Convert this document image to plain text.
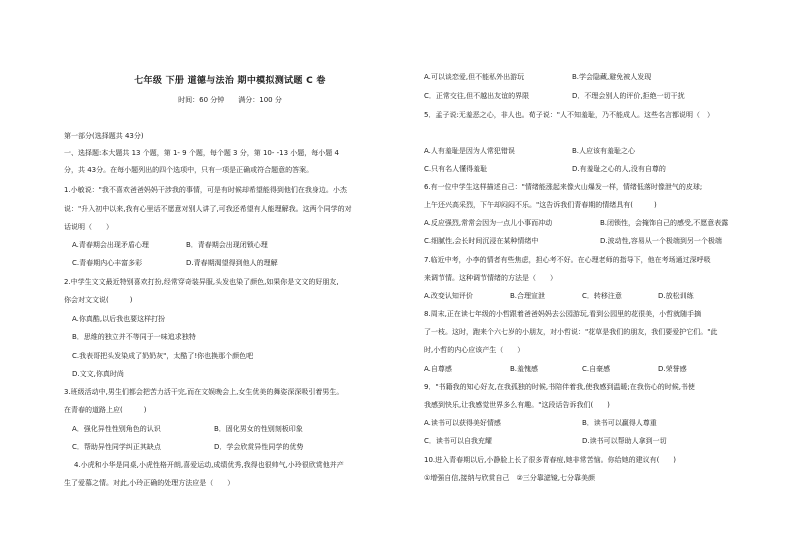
七年级 下册 道德与法治 期中模拟测试题 C 卷
时间：60 分钟　　满分：100 分
第一部分(选择题共 43分)
一、选择题:本大题共 13 个题，第 1- 9 个题，每个题 3 分，第 10- -13 小题，每小题 4
分，共 43分。在每小题列出的四个选项中，只有一项是正确或符合题意的答案。
1.小敏说："我不喜欢爸爸妈妈干涉我的事情，可是有时候却希望能得到他们在我身边。小杰
说："升入初中以来,我有心里话不愿意对别人讲了,可我还希望有人能理解我。这两个同学的对
话说明（　　）
A.青春期会出现矛盾心理	B．青春期会出现闭锁心理
C.青春期内心丰富多彩	D.青春期渴望得到他人的理解
2.中学生文文最近特别喜欢打扮,经常穿奇装异服,头发也染了颜色,如果你是文文的好朋友,
你会对文文说(　　　)
A.你真酷,以后我也要这样打扮
B．思维的独立并不等同于一味追求独特
C.我表哥把头发染成了奶奶灰"，太酷了!你也换那个颜色吧
D.文文,你真时尚
3.班级活动中,男生们都会把苦力活干完,而在文娱晚会上,女生优美的舞姿深深吸引着男生。
在青春的道路上应(　　　)
A．强化异性性别角色的认识	B．固化男女的性别刻板印象
C．帮助异性同学纠正其缺点	D．学会欣赏异性同学的优势
4.小虎和小华是同桌,小虎性格开朗,喜爱运动,成绩优秀,我得也很帅气,小玲很欣赏他并产
生了爱慕之情。对此,小玲正确的处理方法应是（　　）
A.可以谈恋爱,但不能私外出游玩	B.学会隐藏,避免被人发现
C．正常交往,但不越出友谊的界限	D．不理会别人的评价,拒绝一切干扰
5．孟子说:无羞恶之心，非人也。荀子说："人不知羞耻，乃不能成人。这些名言都说明（　）
A.人有羞耻是因为人常犯错误	B.人应该有羞耻之心
C.只有名人懂得羞耻	D.有羞耻之心的人,没有自尊的
6.有一位中学生这样描述自己："情绪能涨起来像火山爆发一样，情绪低落时像泄气的皮球;
上午还兴高采烈，下午却闷闷不乐。"这告诉我们青春期的情绪具有(　　　)
A.反应强烈,常常会因为一点儿小事而冲动	B.闭锁性，会掩饰自己的感受,不愿意表露
C.细腻性,会长时间沉浸在某种情绪中	D.波动性,容易从一个极端到另一个极端
7.临近中考，小李的情者有些焦虑，担心考不好。在心理老师的指导下，他在考场通过深呼吸
来调节情。这种调节情绪的方法是（　　）
A.改变认知评价	B.合理宣泄	C．转移注意	D.放松训练
8.周末,正在读七年级的小哲跟着爸爸妈妈去公园游玩,看到公园里的花很美，小哲就随手摘
了一枝。这时，跑来个六七岁的小朋友，对小哲说："花草是我们的朋友，我们要爱护它们。"此
时,小哲的内心应该产生（　　）
A.自尊感	B.羞愧感	C.自豪感	D.荣誉感
9．"书籍我的知心好友,在我孤独的时候,书陪伴着我,使我感到温暖;在我伤心的时候,书使
我感到快乐,让我感觉世界多么有趣。"这段话告诉我们(　　)
A.读书可以获得美好情感	B．读书可以赢得人尊重
C．读书可以自我充耀	D.读书可以帮助人拿到一切
10.进入青春期以后,小静脸上长了很多青春痘,她非常苦恼。你给她的建议有(　　)
①增强自信,接纳与欣赏自己　②三分靠滤镜,七分靠美颜
